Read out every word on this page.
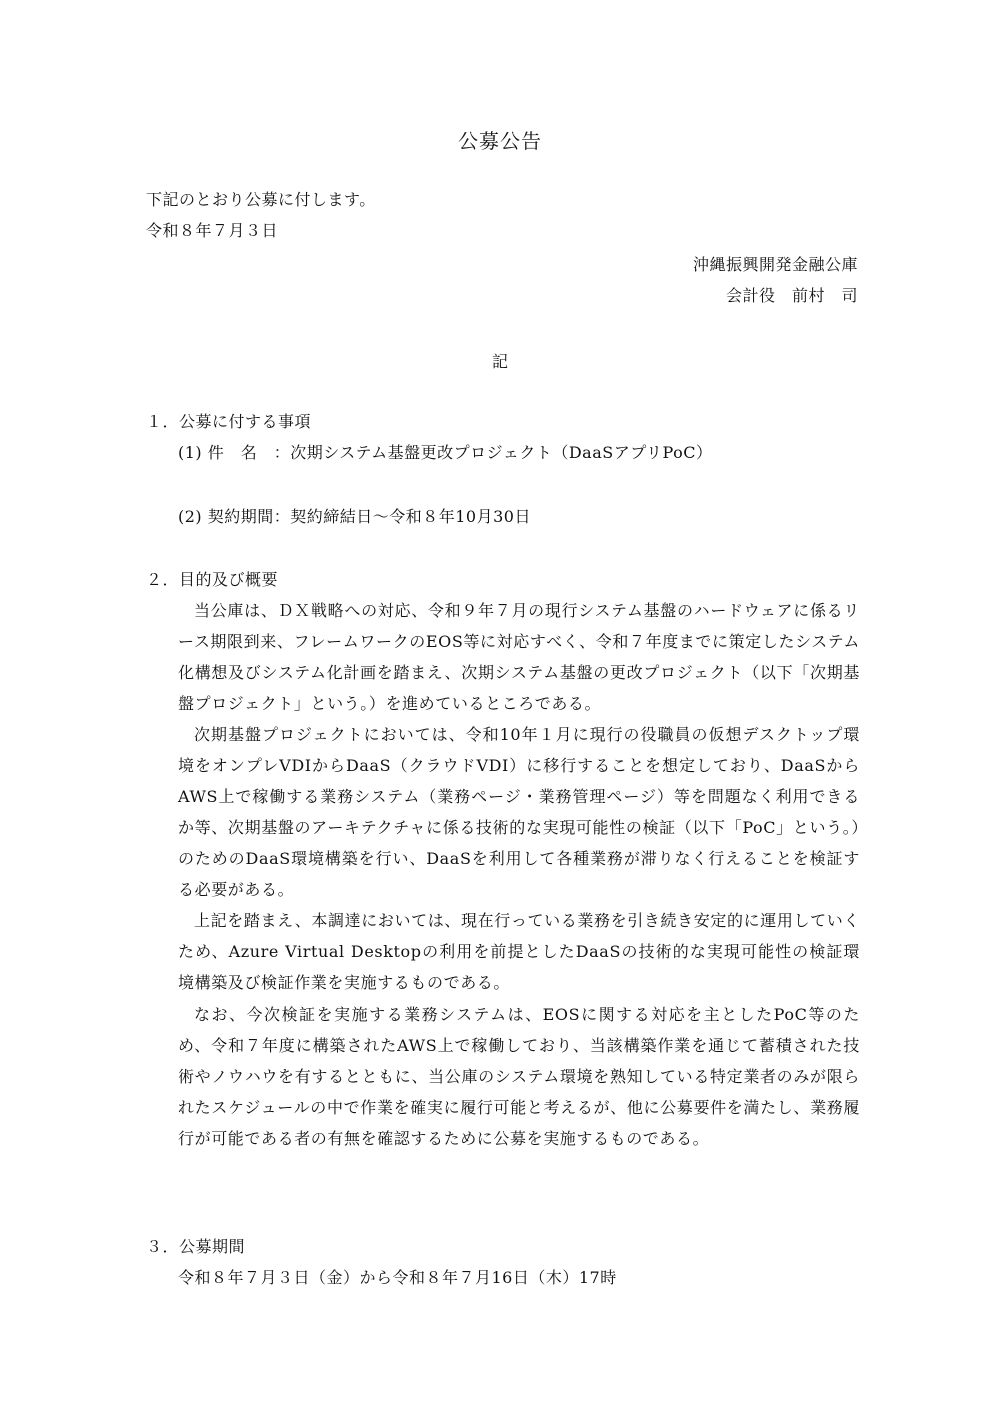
公募公告
下記のとおり公募に付します。
令和８年７月３日
沖縄振興開発金融公庫
会計役　前村　司
記
１．公募に付する事項
(1) 件　名　：次期システム基盤更改プロジェクト（DaaSアプリPoC）
(2) 契約期間：契約締結日～令和８年10月30日
２．目的及び概要
当公庫は、ＤＸ戦略への対応、令和９年７月の現行システム基盤のハードウェアに係るリース期限到来、フレームワークのEOS等に対応すべく、令和７年度までに策定したシステム化構想及びシステム化計画を踏まえ、次期システム基盤の更改プロジェクト（以下「次期基盤プロジェクト」という。）を進めているところである。
次期基盤プロジェクトにおいては、令和10年１月に現行の役職員の仮想デスクトップ環境をオンプレVDIからDaaS（クラウドVDI）に移行することを想定しており、DaaSからAWS上で稼働する業務システム（業務ページ・業務管理ページ）等を問題なく利用できるか等、次期基盤のアーキテクチャに係る技術的な実現可能性の検証（以下「PoC」という。）のためのDaaS環境構築を行い、DaaSを利用して各種業務が滞りなく行えることを検証する必要がある。
上記を踏まえ、本調達においては、現在行っている業務を引き続き安定的に運用していくため、Azure Virtual Desktopの利用を前提としたDaaSの技術的な実現可能性の検証環境構築及び検証作業を実施するものである。
なお、今次検証を実施する業務システムは、EOSに関する対応を主としたPoC等のため、令和７年度に構築されたAWS上で稼働しており、当該構築作業を通じて蓄積された技術やノウハウを有するとともに、当公庫のシステム環境を熟知している特定業者のみが限られたスケジュールの中で作業を確実に履行可能と考えるが、他に公募要件を満たし、業務履行が可能である者の有無を確認するために公募を実施するものである。
３．公募期間
令和８年７月３日（金）から令和８年７月16日（木）17時
